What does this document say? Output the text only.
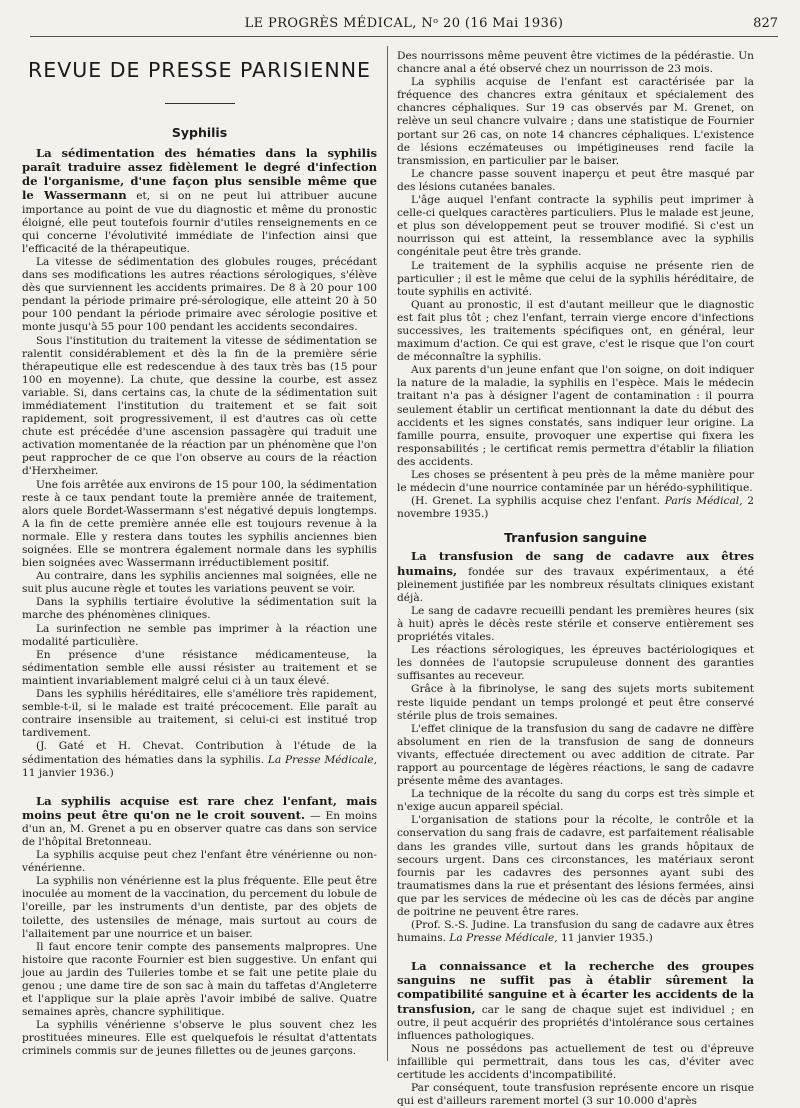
LE PROGRÈS MÉDICAL, Nᵒ 20 (16 Mai 1936)	827
REVUE DE PRESSE PARISIENNE
Syphilis

La sédimentation des hématies dans la syphilis paraît traduire assez fidèlement le degré d'infection de l'organisme, d'une façon plus sensible même que le Wassermann et, si on ne peut lui attribuer aucune importance au point de vue du diagnostic et même du pronostic éloigné, elle peut toutefois fournir d'utiles renseignements en ce qui concerne l'évolutivité immédiate de l'infection ainsi que l'efficacité de la thérapeutique.

La vitesse de sédimentation des globules rouges, précédant dans ses modifications les autres réactions sérologiques, s'élève dès que surviennent les accidents primaires. De 8 à 20 pour 100 pendant la période primaire pré-sérologique, elle atteint 20 à 50 pour 100 pendant la période primaire avec sérologie positive et monte jusqu'à 55 pour 100 pendant les accidents secondaires.

Sous l'institution du traitement la vitesse de sédimentation se ralentit considérablement et dès la fin de la première série thérapeutique elle est redescendue à des taux très bas (15 pour 100 en moyenne). La chute, que dessine la courbe, est assez variable. Si, dans certains cas, la chute de la sédimentation suit immédiatement l'institution du traitement et se fait soit rapidement, soit progressivement, il est d'autres cas où cette chute est précédée d'une ascension passagère qui traduit une activation momentanée de la réaction par un phénomène que l'on peut rapprocher de ce que l'on observe au cours de la réaction d'Herxheimer.

Une fois arrêtée aux environs de 15 pour 100, la sédimentation reste à ce taux pendant toute la première année de traitement, alors quele Bordet-Wassermann s'est négativé depuis longtemps. A la fin de cette première année elle est toujours revenue à la normale. Elle y restera dans toutes les syphilis anciennes bien soignées. Elle se montrera également normale dans les syphilis bien soignées avec Wassermann irréductiblement positif.

Au contraire, dans les syphilis anciennes mal soignées, elle ne suit plus aucune règle et toutes les variations peuvent se voir.

Dans la syphilis tertiaire évolutive la sédimentation suit la marche des phénomènes cliniques.

La surinfection ne semble pas imprimer à la réaction une modalité particulière.

En présence d'une résistance médicamenteuse, la sédimentation semble elle aussi résister au traitement et se maintient invariablement malgré celui ci à un taux élevé.

Dans les syphilis héréditaires, elle s'améliore très rapidement, semble-t-il, si le malade est traité précocement. Elle paraît au contraire insensible au traitement, si celui-ci est institué trop tardivement.

(J. Gaté et H. Chevat. Contribution à l'étude de la sédimentation des hématies dans la syphilis. La Presse Médicale, 11 janvier 1936.)

La syphilis acquise est rare chez l'enfant, mais moins peut être qu'on ne le croit souvent. — En moins d'un an, M. Grenet a pu en observer quatre cas dans son service de l'hôpital Bretonneau.

La syphilis acquise peut chez l'enfant être vénérienne ou non-vénérienne.

La syphilis non vénérienne est la plus fréquente. Elle peut être inoculée au moment de la vaccination, du percement du lobule de l'oreille, par les instruments d'un dentiste, par des objets de toilette, des ustensiles de ménage, mais surtout au cours de l'allaitement par une nourrice et un baiser.

Il faut encore tenir compte des pansements malpropres. Une histoire que raconte Fournier est bien suggestive. Un enfant qui joue au jardin des Tuileries tombe et se fait une petite plaie du genou ; une dame tire de son sac à main du taffetas d'Angleterre et l'applique sur la plaie après l'avoir imbibé de salive. Quatre semaines après, chancre syphilitique.

La syphilis vénérienne s'observe le plus souvent chez les prostituées mineures. Elle est quelquefois le résultat d'attentats criminels commis sur de jeunes fillettes ou de jeunes garçons.

Des nourrissons même peuvent être victimes de la pédérastie. Un chancre anal a été observé chez un nourrisson de 23 mois.

La syphilis acquise de l'enfant est caractérisée par la fréquence des chancres extra génitaux et spécialement des chancres céphaliques. Sur 19 cas observés par M. Grenet, on relève un seul chancre vulvaire ; dans une statistique de Fournier portant sur 26 cas, on note 14 chancres céphaliques. L'existence de lésions eczémateuses ou impétigineuses rend facile la transmission, en particulier par le baiser.

Le chancre passe souvent inaperçu et peut être masqué par des lésions cutanées banales.

L'âge auquel l'enfant contracte la syphilis peut imprimer à celle-ci quelques caractères particuliers. Plus le malade est jeune, et plus son développement peut se trouver modifié. Si c'est un nourrisson qui est atteint, la ressemblance avec la syphilis congénitale peut être très grande.

Le traitement de la syphilis acquise ne présente rien de particulier ; il est le même que celui de la syphilis héréditaire, de toute syphilis en activité.

Quant au pronostic, il est d'autant meilleur que le diagnostic est fait plus tôt ; chez l'enfant, terrain vierge encore d'infections successives, les traitements spécifiques ont, en général, leur maximum d'action. Ce qui est grave, c'est le risque que l'on court de méconnaître la syphilis.

Aux parents d'un jeune enfant que l'on soigne, on doit indiquer la nature de la maladie, la syphilis en l'espèce. Mais le médecin traitant n'a pas à désigner l'agent de contamination : il pourra seulement établir un certificat mentionnant la date du début des accidents et les signes constatés, sans indiquer leur origine. La famille pourra, ensuite, provoquer une expertise qui fixera les responsabilités ; le certificat remis permettra d'établir la filiation des accidents.

Les choses se présentent à peu près de la même manière pour le médecin d'une nourrice contaminée par un hérédo-syphilitique.

(H. Grenet. La syphilis acquise chez l'enfant. Paris Médical, 2 novembre 1935.)

Tranfusion sanguine

La transfusion de sang de cadavre aux êtres humains, fondée sur des travaux expérimentaux, a été pleinement justifiée par les nombreux résultats cliniques existant déjà.

Le sang de cadavre recueilli pendant les premières heures (six à huit) après le décès reste stérile et conserve entièrement ses propriétés vitales.

Les réactions sérologiques, les épreuves bactériologiques et les données de l'autopsie scrupuleuse donnent des garanties suffisantes au receveur.

Grâce à la fibrinolyse, le sang des sujets morts subitement reste liquide pendant un temps prolongé et peut être conservé stérile plus de trois semaines.

L'effet clinique de la transfusion du sang de cadavre ne diffère absolument en rien de la transfusion de sang de donneurs vivants, effectuée directement ou avec addition de citrate. Par rapport au pourcentage de légères réactions, le sang de cadavre présente même des avantages.

La technique de la récolte du sang du corps est très simple et n'exige aucun appareil spécial.

L'organisation de stations pour la récolte, le contrôle et la conservation du sang frais de cadavre, est parfaitement réalisable dans les grandes ville, surtout dans les grands hôpitaux de secours urgent. Dans ces circonstances, les matériaux seront fournis par les cadavres des personnes ayant subi des traumatismes dans la rue et présentant des lésions fermées, ainsi que par les services de médecine où les cas de décès par angine de poitrine ne peuvent être rares.

(Prof. S.-S. Judine. La transfusion du sang de cadavre aux êtres humains. La Presse Médicale, 11 janvier 1935.)

La connaissance et la recherche des groupes sanguins ne suffit pas à établir sûrement la compatibilité sanguine et à écarter les accidents de la transfusion, car le sang de chaque sujet est individuel ; en outre, il peut acquérir des propriétés d'intolérance sous certaines influences pathologiques.

Nous ne possédons pas actuellement de test ou d'épreuve infaillible qui permettrait, dans tous les cas, d'éviter avec certitude les accidents d'incompatibilité.

Par conséquent, toute transfusion représente encore un risque qui est d'ailleurs rarement mortel (3 sur 10.000 d'après
